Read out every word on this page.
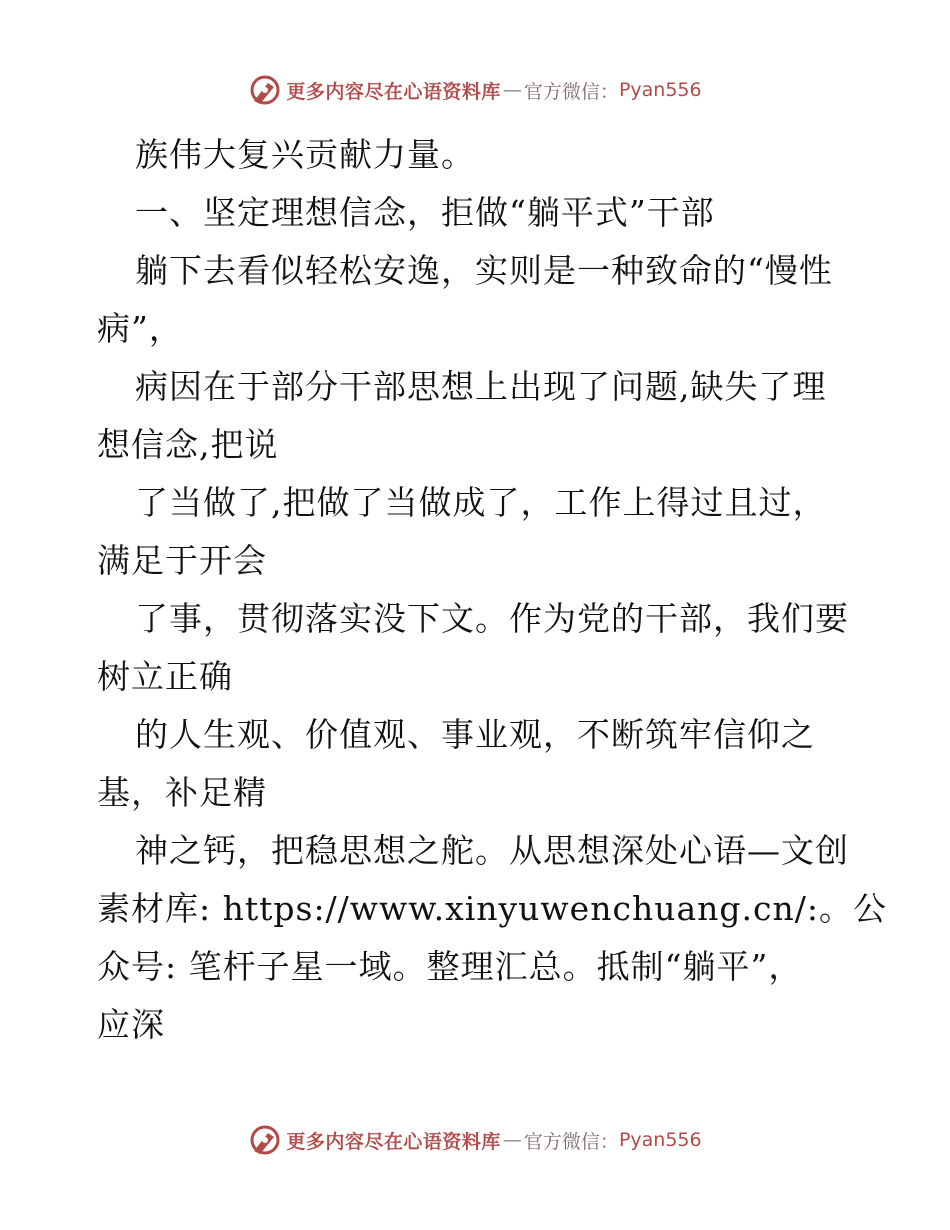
更多内容尽在心语资料库 — 官方微信： Pyan556
族伟大复兴贡献力量。
一、坚定理想信念，拒做“躺平式”干部
躺下去看似轻松安逸，实则是一种致命的“慢性
病”，
病因在于部分干部思想上出现了问题,缺失了理
想信念,把说
了当做了,把做了当做成了，工作上得过且过，
满足于开会
了事，贯彻落实没下文。作为党的干部，我们要
树立正确
的人生观、价值观、事业观，不断筑牢信仰之
基，补足精
神之钙，把稳思想之舵。从思想深处心语—文创
素材库: https://www.xinyuwenchuang.cn/:。公
众号: 笔杆子星一域。整理汇总。抵制“躺平”，
应深
更多内容尽在心语资料库 — 官方微信： Pyan556
